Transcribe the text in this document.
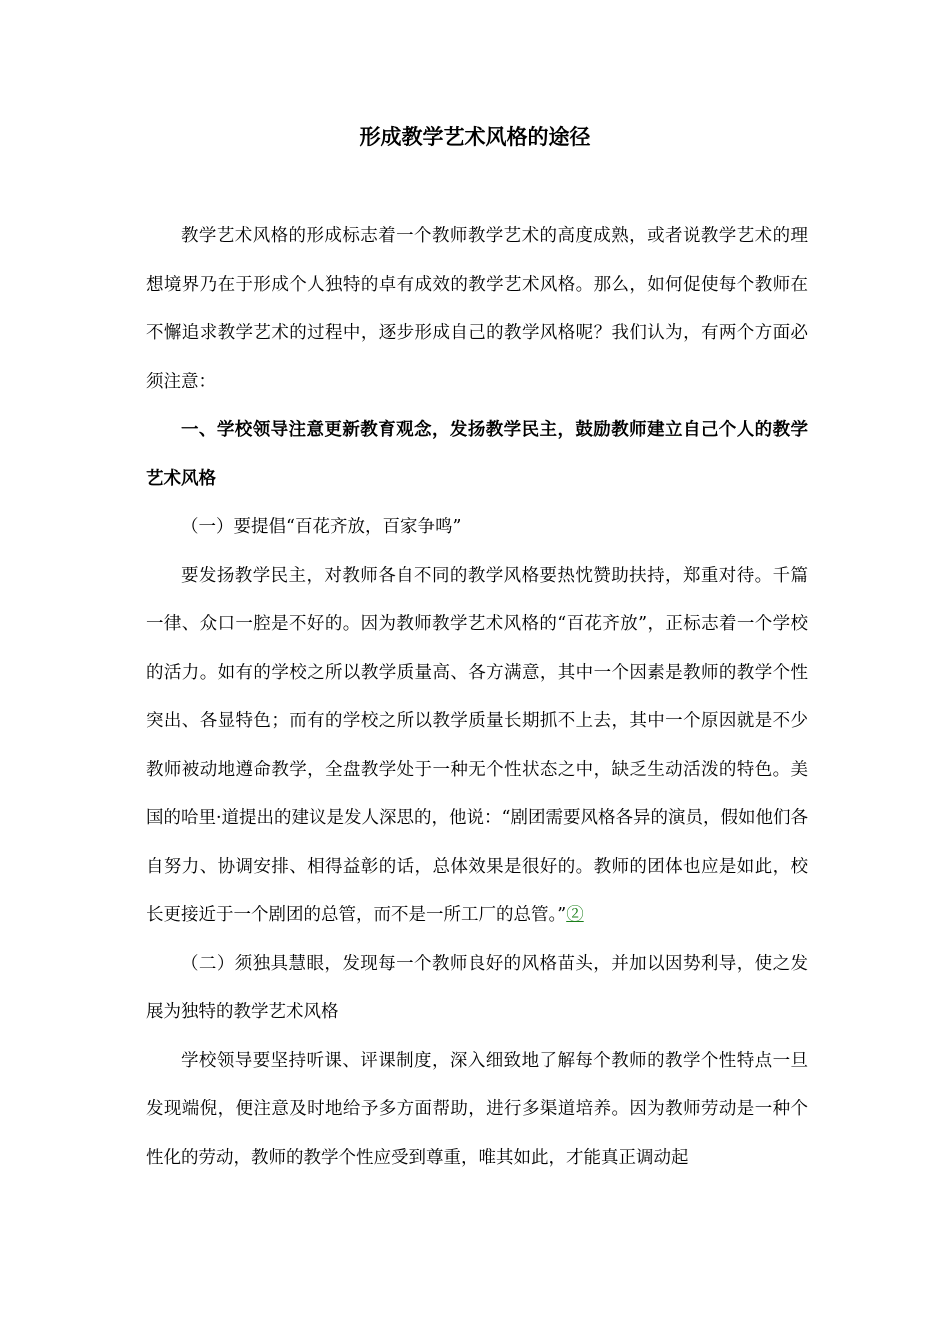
形成教学艺术风格的途径

教学艺术风格的形成标志着一个教师教学艺术的高度成熟，或者说教学艺术的理想境界乃在于形成个人独特的卓有成效的教学艺术风格。那么，如何促使每个教师在不懈追求教学艺术的过程中，逐步形成自己的教学风格呢？我们认为，有两个方面必须注意：

一、学校领导注意更新教育观念，发扬教学民主，鼓励教师建立自己个人的教学艺术风格

（一）要提倡“百花齐放，百家争鸣”

要发扬教学民主，对教师各自不同的教学风格要热忱赞助扶持，郑重对待。千篇一律、众口一腔是不好的。因为教师教学艺术风格的“百花齐放”，正标志着一个学校的活力。如有的学校之所以教学质量高、各方满意，其中一个因素是教师的教学个性突出、各显特色；而有的学校之所以教学质量长期抓不上去，其中一个原因就是不少教师被动地遵命教学，全盘教学处于一种无个性状态之中，缺乏生动活泼的特色。美国的哈里·道提出的建议是发人深思的，他说：“剧团需要风格各异的演员，假如他们各自努力、协调安排、相得益彰的话，总体效果是很好的。教师的团体也应是如此，校长更接近于一个剧团的总管，而不是一所工厂的总管。”②

（二）须独具慧眼，发现每一个教师良好的风格苗头，并加以因势利导，使之发展为独特的教学艺术风格

学校领导要坚持听课、评课制度，深入细致地了解每个教师的教学个性特点一旦发现端倪，便注意及时地给予多方面帮助，进行多渠道培养。因为教师劳动是一种个性化的劳动，教师的教学个性应受到尊重，唯其如此，才能真正调动起
